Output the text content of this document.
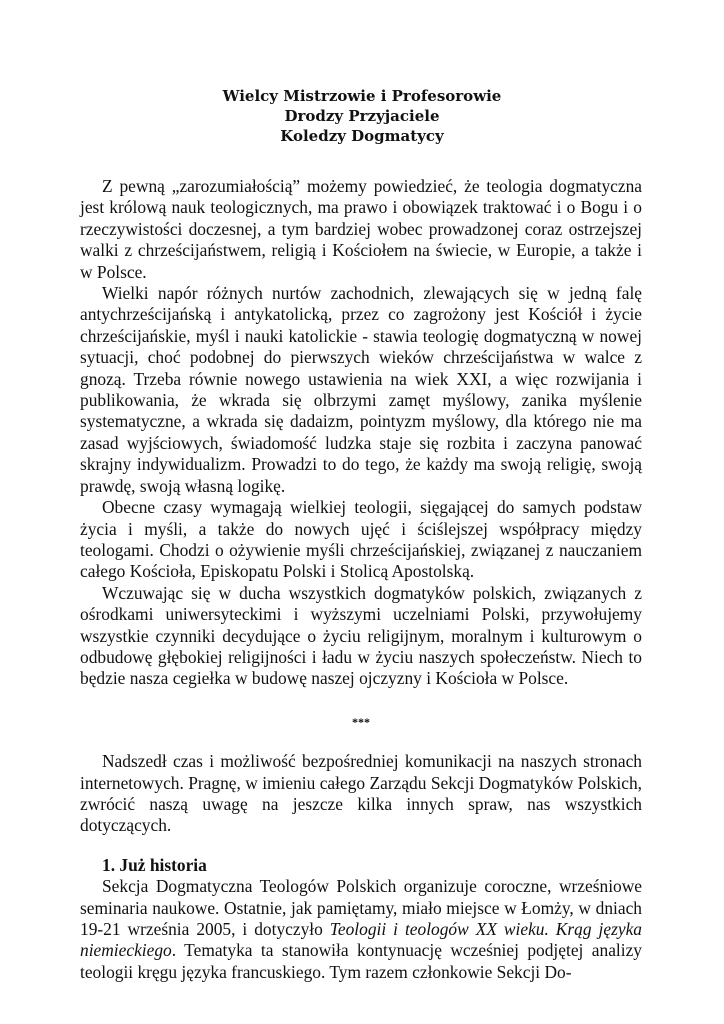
Wielcy Mistrzowie i Profesorowie
Drodzy Przyjaciele
Koledzy Dogmatycy

Z pewną „zarozumiałością” możemy powiedzieć, że teologia dogmatyczna jest królową nauk teologicznych, ma prawo i obowiązek traktować i o Bogu i o rzeczywistości doczesnej, a tym bardziej wobec prowadzonej coraz ostrzejszej walki z chrześcijaństwem, religią i Kościołem na świecie, w Europie, a także i w Polsce.

Wielki napór różnych nurtów zachodnich, zlewających się w jedną falę antychrześcijańską i antykatolicką, przez co zagrożony jest Kościół i życie chrześcijańskie, myśl i nauki katolickie - stawia teologię dogmatyczną w nowej sytuacji, choć podobnej do pierwszych wieków chrześcijaństwa w walce z gnozą. Trzeba równie nowego ustawienia na wiek XXI, a więc rozwijania i publikowania, że wkrada się olbrzymi zamęt myślowy, zanika myślenie systematyczne, a wkrada się dadaizm, pointyzm myślowy, dla którego nie ma zasad wyjściowych, świadomość ludzka staje się rozbita i zaczyna panować skrajny indywidualizm. Prowadzi to do tego, że każdy ma swoją religię, swoją prawdę, swoją własną logikę.

Obecne czasy wymagają wielkiej teologii, sięgającej do samych podstaw życia i myśli, a także do nowych ujęć i ściślejszej współpracy między teologami. Chodzi o ożywienie myśli chrześcijańskiej, związanej z nauczaniem całego Kościoła, Episkopatu Polski i Stolicą Apostolską.

Wczuwając się w ducha wszystkich dogmatyków polskich, związanych z ośrodkami uniwersyteckimi i wyższymi uczelniami Polski, przywołujemy wszystkie czynniki decydujące o życiu religijnym, moralnym i kulturowym o odbudowę głębokiej religijności i ładu w życiu naszych społeczeństw. Niech to będzie nasza cegiełka w budowę naszej ojczyzny i Kościoła w Polsce.

***

Nadszedł czas i możliwość bezpośredniej komunikacji na naszych stronach internetowych. Pragnę, w imieniu całego Zarządu Sekcji Dogmatyków Polskich, zwrócić naszą uwagę na jeszcze kilka innych spraw, nas wszystkich dotyczących.

1. Już historia

Sekcja Dogmatyczna Teologów Polskich organizuje coroczne, wrześniowe seminaria naukowe. Ostatnie, jak pamiętamy, miało miejsce w Łomży, w dniach 19-21 września 2005, i dotyczyło Teologii i teologów XX wieku. Krąg języka niemieckiego. Tematyka ta stanowiła kontynuację wcześniej podjętej analizy teologii kręgu języka francuskiego. Tym razem członkowie Sekcji Do-
